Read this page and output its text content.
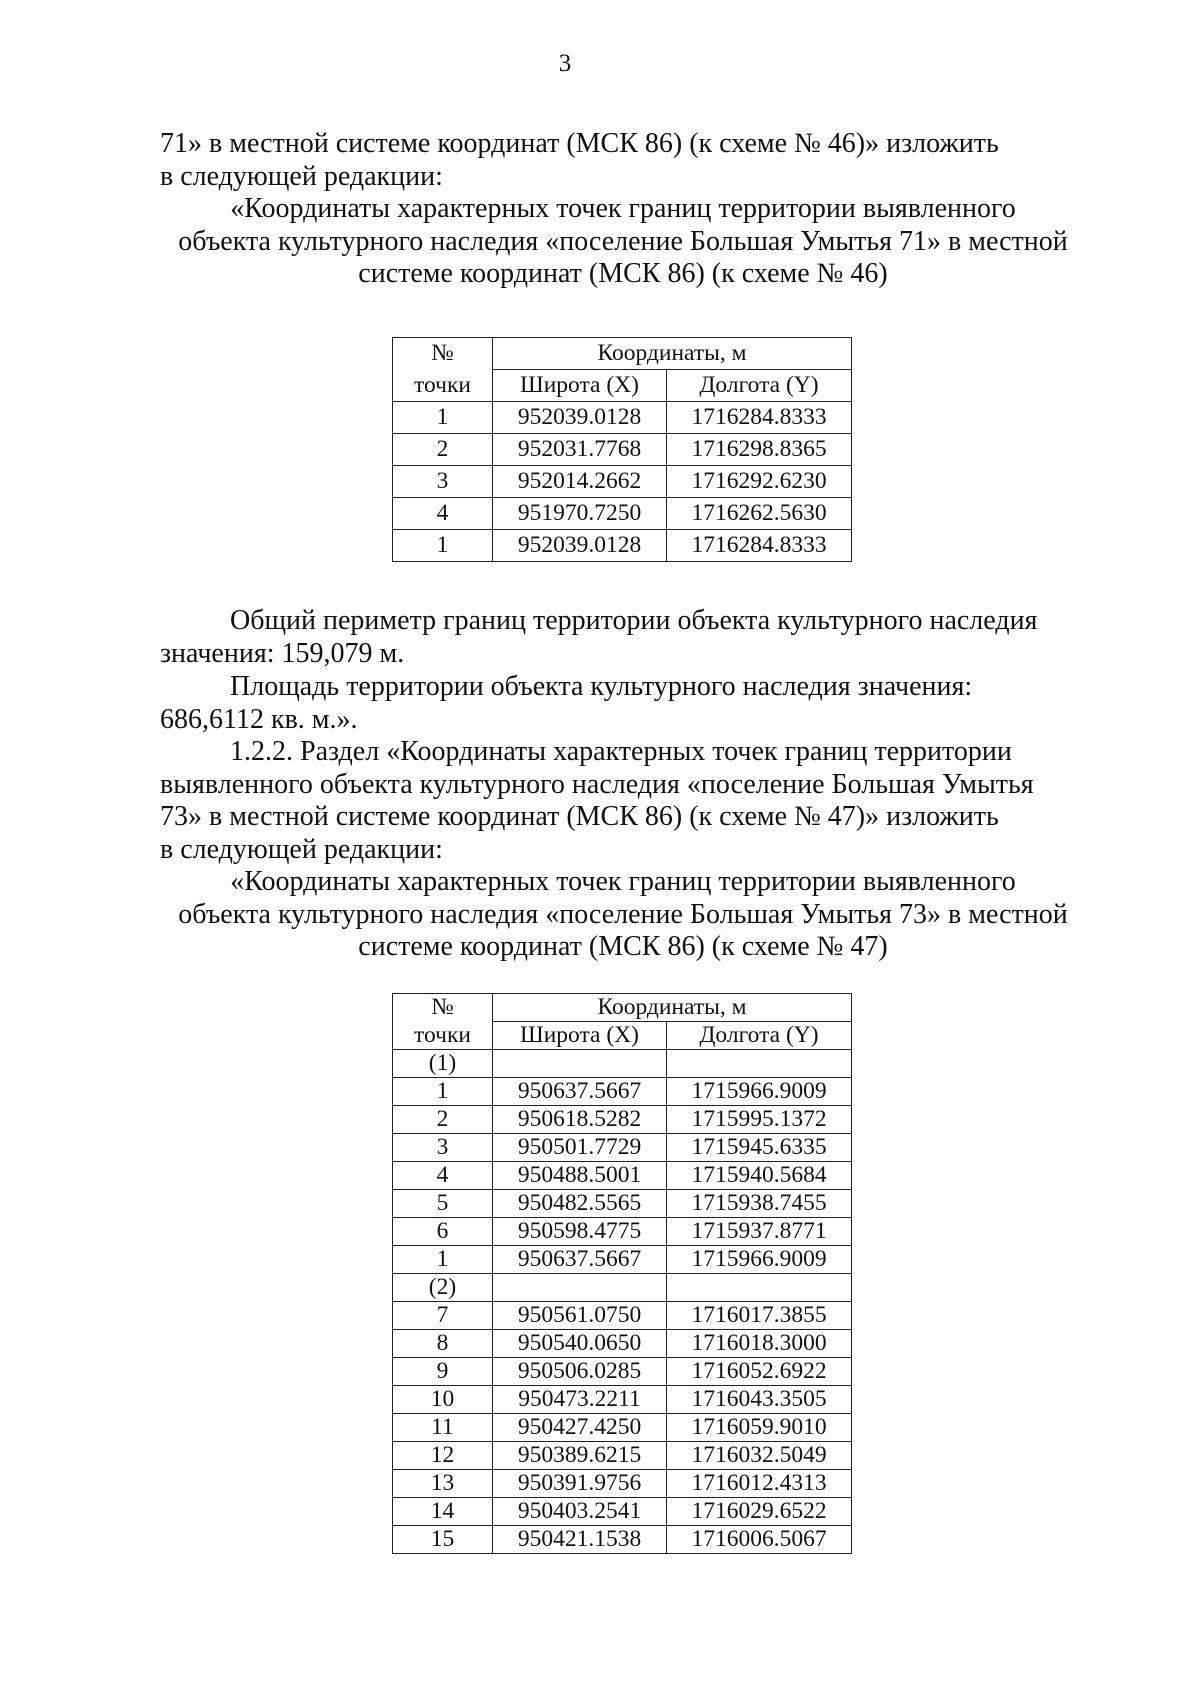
3
71» в местной системе координат (МСК 86) (к схеме № 46)» изложить
в следующей редакции:
«Координаты характерных точек границ территории выявленного
объекта культурного наследия «поселение Большая Умытья 71» в местной
системе координат (МСК 86) (к схеме № 46)
№	Координаты, м	
точки	Широта (X)	Долгота (Y)
1	952039.0128	1716284.8333
2	952031.7768	1716298.8365
3	952014.2662	1716292.6230
4	951970.7250	1716262.5630
1	952039.0128	1716284.8333
Общий периметр границ территории объекта культурного наследия
значения: 159,079 м.
Площадь территории объекта культурного наследия значения:
686,6112 кв. м.».
1.2.2. Раздел «Координаты характерных точек границ территории
выявленного объекта культурного наследия «поселение Большая Умытья
73» в местной системе координат (МСК 86) (к схеме № 47)» изложить
в следующей редакции:
«Координаты характерных точек границ территории выявленного
объекта культурного наследия «поселение Большая Умытья 73» в местной
системе координат (МСК 86) (к схеме № 47)
№	Координаты, м	
точки	Широта (X)	Долгота (Y)
(1)		
1	950637.5667	1715966.9009
2	950618.5282	1715995.1372
3	950501.7729	1715945.6335
4	950488.5001	1715940.5684
5	950482.5565	1715938.7455
6	950598.4775	1715937.8771
1	950637.5667	1715966.9009
(2)		
7	950561.0750	1716017.3855
8	950540.0650	1716018.3000
9	950506.0285	1716052.6922
10	950473.2211	1716043.3505
11	950427.4250	1716059.9010
12	950389.6215	1716032.5049
13	950391.9756	1716012.4313
14	950403.2541	1716029.6522
15	950421.1538	1716006.5067
